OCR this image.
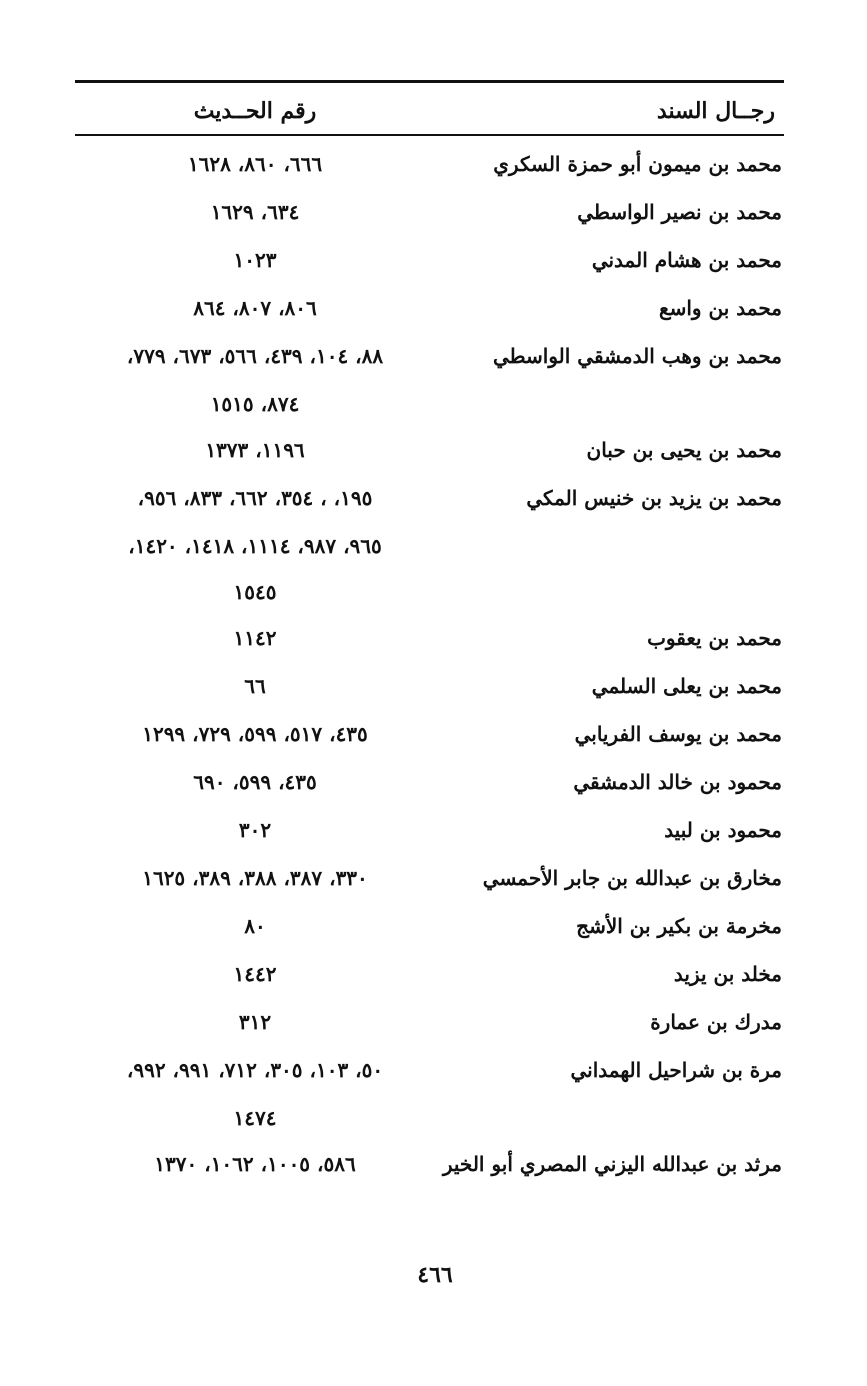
رجــال السند
رقم الحــديث
محمد بن ميمون أبو حمزة السكري
٦٦٦، ٨٦٠، ١٦٢٨
محمد بن نصير الواسطي
٦٣٤، ١٦٢٩
محمد بن هشام المدني
١٠٢٣
محمد بن واسع
٨٠٦، ٨٠٧، ٨٦٤
محمد بن وهب الدمشقي الواسطي
٨٨، ١٠٤، ٤٣٩، ٥٦٦، ٦٧٣، ٧٧٩،
٨٧٤، ١٥١٥
محمد بن يحيى بن حبان
١١٩٦، ١٣٧٣
محمد بن يزيد بن خنيس المكي
١٩٥، ، ٣٥٤، ٦٦٢، ٨٣٣، ٩٥٦،
٩٦٥، ٩٨٧، ١١١٤، ١٤١٨، ١٤٢٠،
١٥٤٥
محمد بن يعقوب
١١٤٢
محمد بن يعلى السلمي
٦٦
محمد بن يوسف الفريابي
٤٣٥، ٥١٧، ٥٩٩، ٧٢٩، ١٢٩٩
محمود بن خالد الدمشقي
٤٣٥، ٥٩٩، ٦٩٠
محمود بن لبيد
٣٠٢
مخارق بن عبدالله بن جابر الأحمسي
٣٣٠، ٣٨٧، ٣٨٨، ٣٨٩، ١٦٢٥
مخرمة بن بكير بن الأشج
٨٠
مخلد بن يزيد
١٤٤٢
مدرك بن عمارة
٣١٢
مرة بن شراحيل الهمداني
٥٠، ١٠٣، ٣٠٥، ٧١٢، ٩٩١، ٩٩٢،
١٤٧٤
مرثد بن عبدالله اليزني المصري أبو الخير
٥٨٦، ١٠٠٥، ١٠٦٢، ١٣٧٠
٤٦٦
